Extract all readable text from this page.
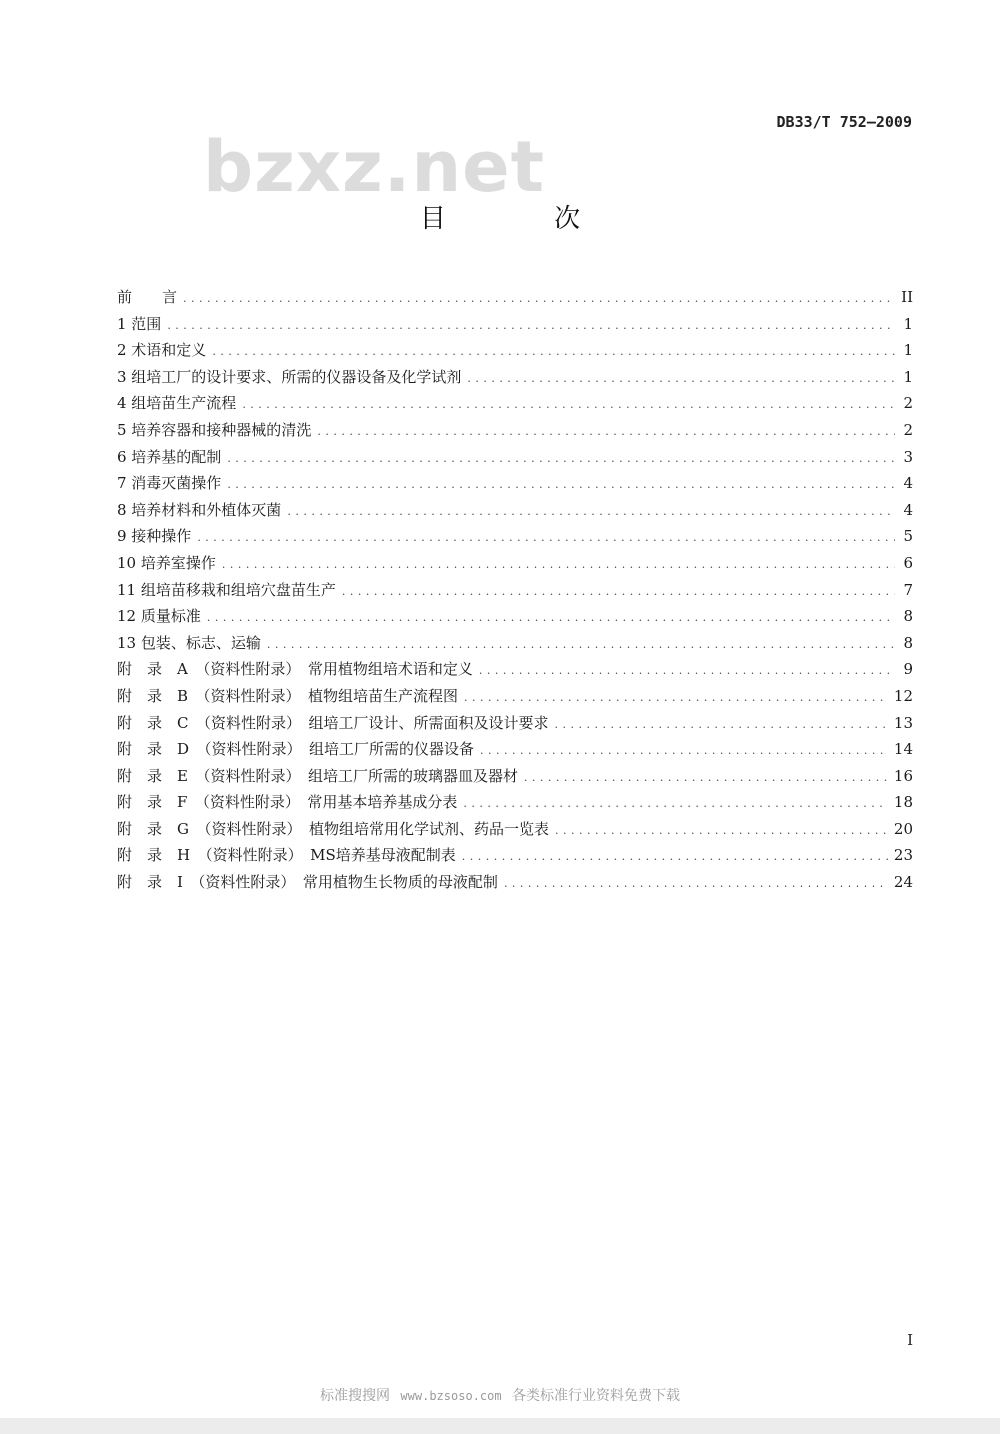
DB33/T 752—2009
bzxz.net
目 次
前　　言 .....	II
1 范围 .....	1
2 术语和定义 .....	1
3 组培工厂的设计要求、所需的仪器设备及化学试剂 .....	1
4 组培苗生产流程 .....	2
5 培养容器和接种器械的清洗 .....	2
6 培养基的配制 .....	3
7 消毒灭菌操作 .....	4
8 培养材料和外植体灭菌 .....	4
9 接种操作 .....	5
10 培养室操作 .....	6
11 组培苗移栽和组培穴盘苗生产 .....	7
12 质量标准 .....	8
13 包装、标志、运输 .....	8
附　录　A　（资料性附录）　常用植物组培术语和定义 .....	9
附　录　B　（资料性附录）　植物组培苗生产流程图 .....	12
附　录　C　（资料性附录）　组培工厂设计、所需面积及设计要求 .....	13
附　录　D　（资料性附录）　组培工厂所需的仪器设备 .....	14
附　录　E　（资料性附录）　组培工厂所需的玻璃器皿及器材 .....	16
附　录　F　（资料性附录）　常用基本培养基成分表 .....	18
附　录　G　（资料性附录）　植物组培常用化学试剂、药品一览表 .....	20
附　录　H　（资料性附录）　MS培养基母液配制表 .....	23
附　录　I　（资料性附录）　常用植物生长物质的母液配制 .....	24
I
标准搜搜网 www.bzsoso.com 各类标准行业资料免费下载
